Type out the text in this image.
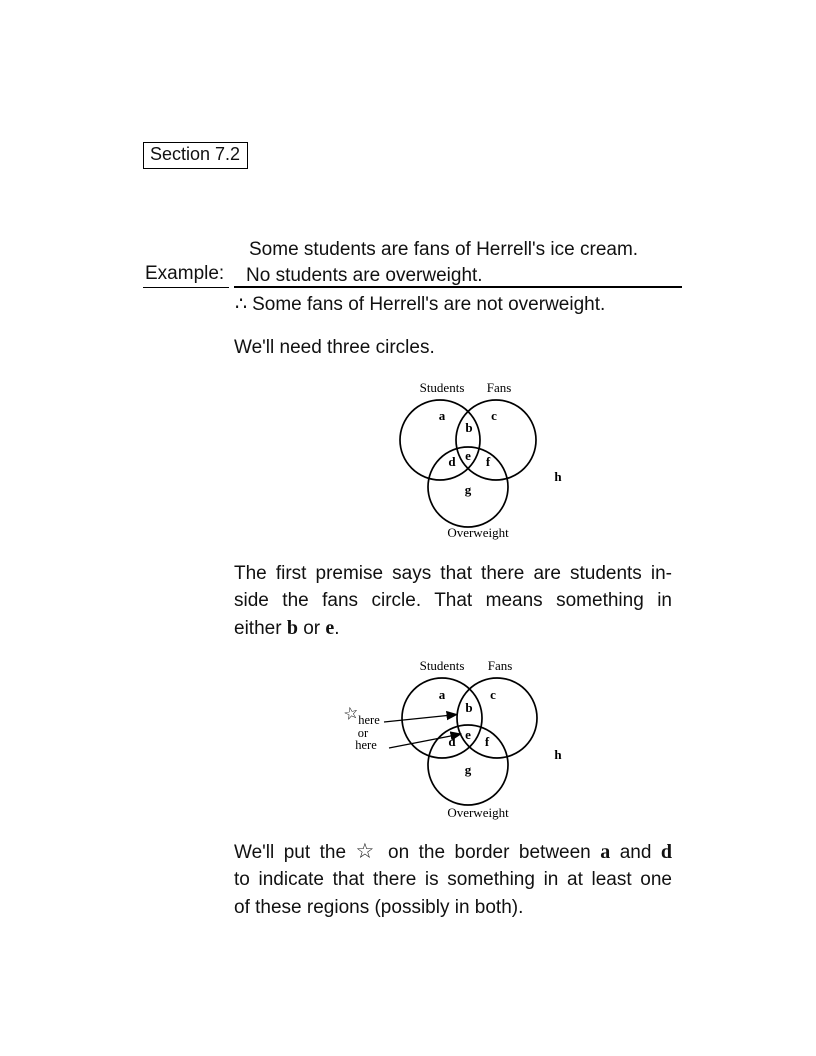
Section 7.2
Example:
Some students are fans of Herrell's ice cream.
No students are overweight.
∴ Some fans of Herrell's are not overweight.
We'll need three circles.
Students Fans
Overweight
a
b
c
d e f
g
h
The first premise says that there are students in-
side the fans circle. That means something in
either b or e.
Students Fans
Overweight
a
b
c
d e f
g
h
☆
here
or
here
We'll put the ☆ on the border between a and d
to indicate that there is something in at least one
of these regions (possibly in both).
